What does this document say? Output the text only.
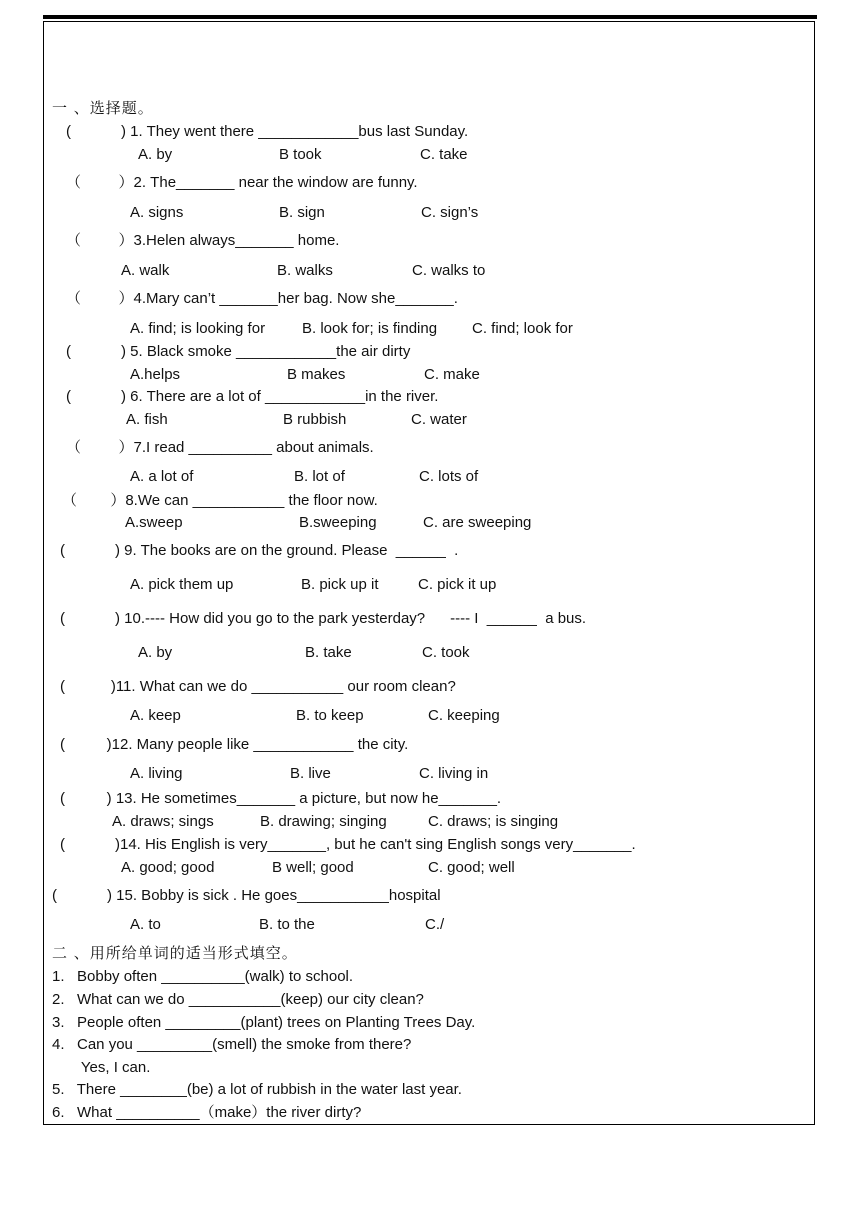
一 、选择题。
(            ) 1. They went there ____________bus last Sunday.
A. by	B took	C. take
（         ）2. The_______ near the window are funny.
A. signs	B. sign	C. sign’s
（         ）3.Helen always_______ home.
A. walk	B. walks	C. walks to
（         ）4.Mary can’t _______her bag. Now she_______.
A. find; is looking for B. look for; is finding C. find; look for
(            ) 5. Black smoke ____________the air dirty
A.helps	B makes	C. make
(            ) 6. There are a lot of ____________in the river.
A. fish	B rubbish	C. water
（         ）7.I read __________ about animals.
A. a lot of	B. lot of	C. lots of
（        ）8.We can ___________ the floor now.
A.sweep	B.sweeping	C. are sweeping
(            ) 9. The books are on the ground. Please  ______  .
A. pick them up	B. pick up it	C. pick it up
(            ) 10.---- How did you go to the park yesterday?      ---- I  ______  a bus.
A. by	B. take	C. took
(           )11. What can we do ___________ our room clean?
A. keep	B. to keep	C. keeping
(          )12. Many people like ____________ the city.
A. living	B. live	C. living in
(          ) 13. He sometimes_______ a picture, but now he_______.
A. draws; sings	B. drawing; singing	C. draws; is singing
(            )14. His English is very_______, but he can't sing English songs very_______.
A. good; good	B well; good	C. good; well
(            ) 15. Bobby is sick . He goes___________hospital
A. to	B. to the	C./
二 、用所给单词的适当形式填空。
1.   Bobby often __________(walk) to school.
2.   What can we do ___________(keep) our city clean?
3.   People often _________(plant) trees on Planting Trees Day.
4.   Can you _________(smell) the smoke from there?
Yes, I can.
5.   There ________(be) a lot of rubbish in the water last year.
6.   What __________（make）the river dirty?
